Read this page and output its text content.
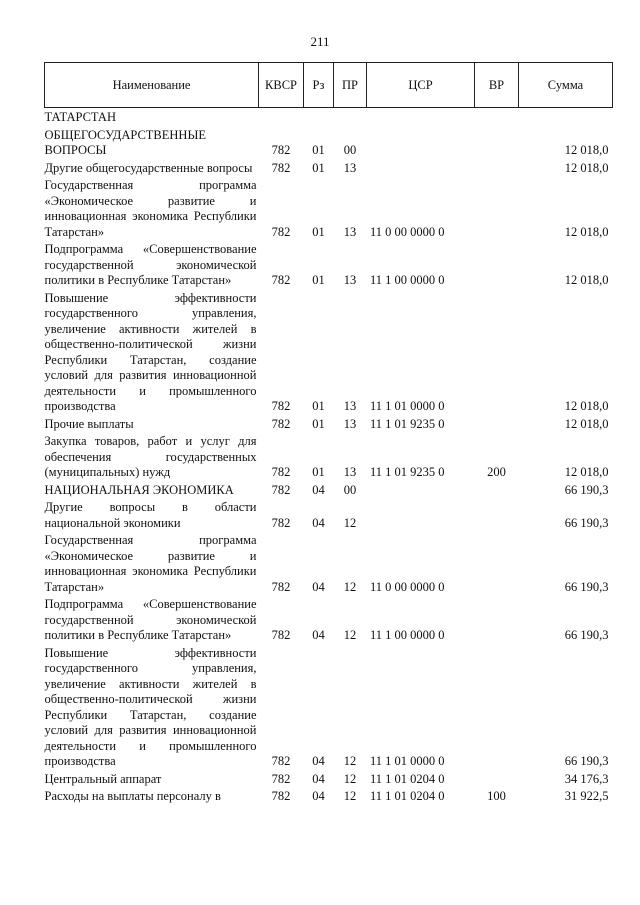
211
Наименование	КВСР	Рз	ПР	ЦСР	ВР	Сумма
ТАТАРСТАН						
ОБЩЕГОСУДАРСТВЕННЫЕ ВОПРОСЫ	782	01	00			12 018,0
Другие общегосударственные вопросы	782	01	13			12 018,0
Государственная программа «Экономическое развитие и инновационная экономика Республики Татарстан»	782	01	13	11 0 00 0000 0		12 018,0
Подпрограмма «Совершенствование государственной экономической политики в Республике Татарстан»	782	01	13	11 1 00 0000 0		12 018,0
Повышение эффективности государственного управления, увеличение активности жителей в общественно-политической жизни Республики Татарстан, создание условий для развития инновационной деятельности и промышленного производства	782	01	13	11 1 01 0000 0		12 018,0
Прочие выплаты	782	01	13	11 1 01 9235 0		12 018,0
Закупка товаров, работ и услуг для обеспечения государственных (муниципальных) нужд	782	01	13	11 1 01 9235 0	200	12 018,0
НАЦИОНАЛЬНАЯ ЭКОНОМИКА	782	04	00			66 190,3
Другие вопросы в области национальной экономики	782	04	12			66 190,3
Государственная программа «Экономическое развитие и инновационная экономика Республики Татарстан»	782	04	12	11 0 00 0000 0		66 190,3
Подпрограмма «Совершенствование государственной экономической политики в Республике Татарстан»	782	04	12	11 1 00 0000 0		66 190,3
Повышение эффективности государственного управления, увеличение активности жителей в общественно-политической жизни Республики Татарстан, создание условий для развития инновационной деятельности и промышленного производства	782	04	12	11 1 01 0000 0		66 190,3
Центральный аппарат	782	04	12	11 1 01 0204 0		34 176,3
Расходы на выплаты персоналу в	782	04	12	11 1 01 0204 0	100	31 922,5
